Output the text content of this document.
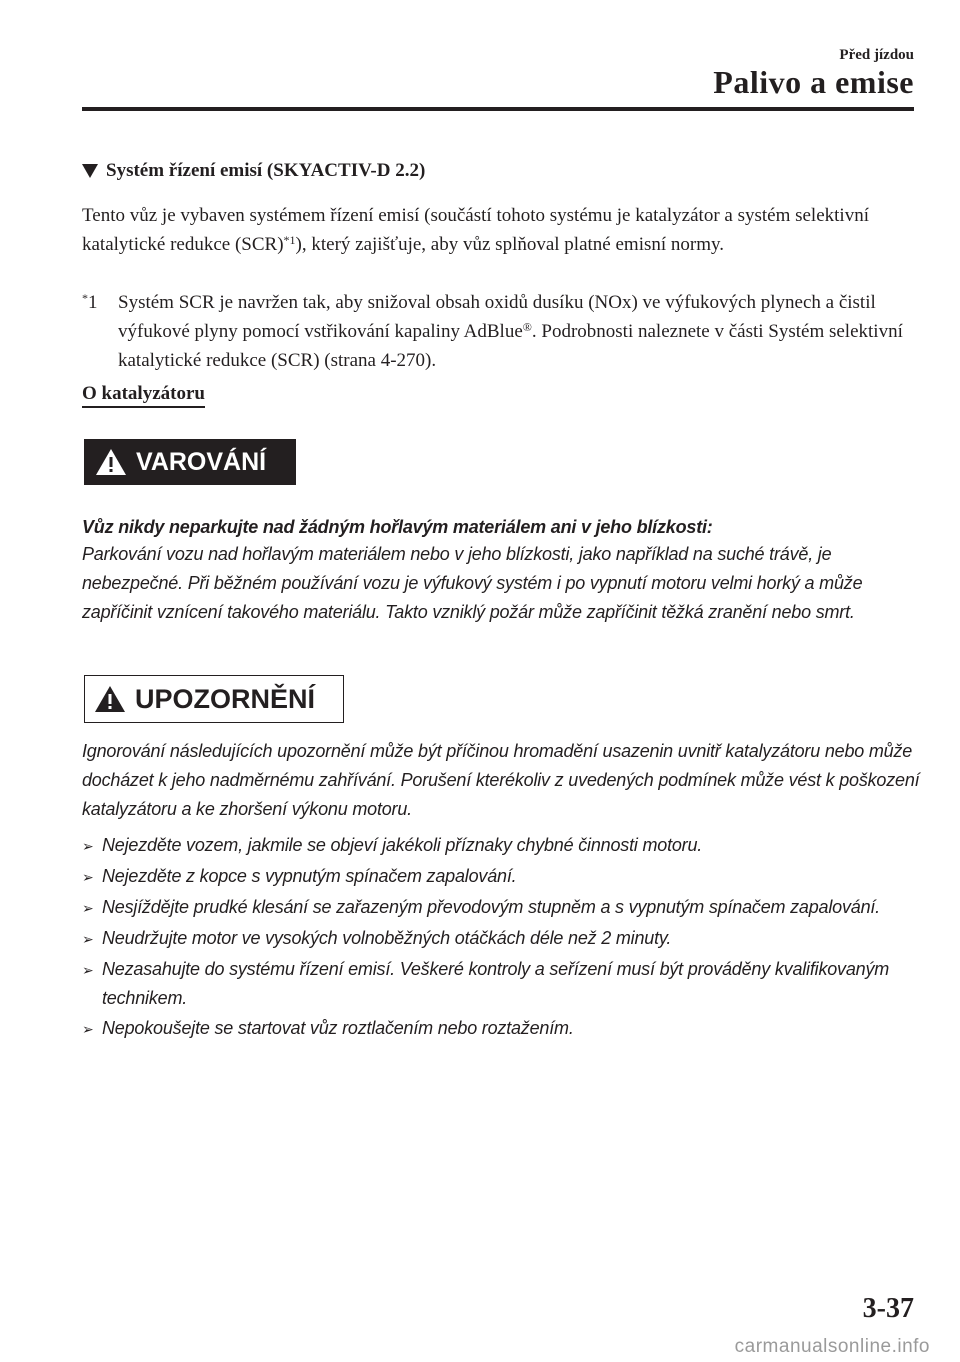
Před jízdou
Palivo a emise
Systém řízení emisí (SKYACTIV-D 2.2)

Tento vůz je vybaven systémem řízení emisí (součástí tohoto systému je katalyzátor a systém selektivní katalytické redukce (SCR)$^{*1}$), který zajišťuje, aby vůz splňoval platné emisní normy.

*1	Systém SCR je navržen tak, aby snižoval obsah oxidů dusíku (NOx) ve výfukových plynech a čistil výfukové plyny pomocí vstřikování kapaliny AdBlue®. Podrobnosti naleznete v části Systém selektivní katalytické redukce (SCR) (strana 4-270).
O katalyzátoru
VAROVÁNÍ
Vůz nikdy neparkujte nad žádným hořlavým materiálem ani v jeho blízkosti:
Parkování vozu nad hořlavým materiálem nebo v jeho blízkosti, jako například na suché trávě, je nebezpečné. Při běžném používání vozu je výfukový systém i po vypnutí motoru velmi horký a může zapříčinit vznícení takového materiálu. Takto vzniklý požár může zapříčinit těžká zranění nebo smrt.
UPOZORNĚNÍ
Ignorování následujících upozornění může být příčinou hromadění usazenin uvnitř katalyzátoru nebo může docházet k jeho nadměrnému zahřívání. Porušení kterékoliv z uvedených podmínek může vést k poškození katalyzátoru a ke zhoršení výkonu motoru.
➢ Nejezděte vozem, jakmile se objeví jakékoli příznaky chybné činnosti motoru.
➢ Nejezděte z kopce s vypnutým spínačem zapalování.
➢ Nesjíždějte prudké klesání se zařazeným převodovým stupněm a s vypnutým spínačem zapalování.
➢ Neudržujte motor ve vysokých volnoběžných otáčkách déle než 2 minuty.
➢ Nezasahujte do systému řízení emisí. Veškeré kontroly a seřízení musí být prováděny kvalifikovaným technikem.
➢ Nepokoušejte se startovat vůz roztlačením nebo roztažením.
3-37
carmanualsonline.info
